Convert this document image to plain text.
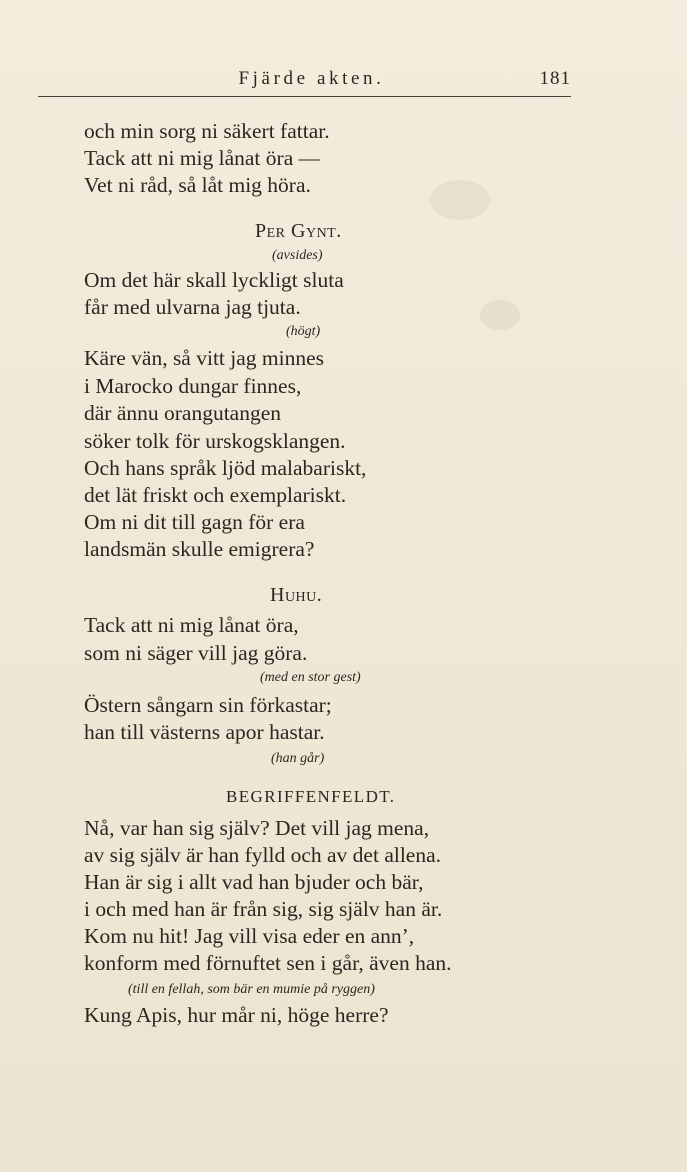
Fjärde akten.	181
och min sorg ni säkert fattar.
Tack att ni mig lånat öra —
Vet ni råd, så låt mig höra.
Per Gynt.
(avsides)
Om det här skall lyckligt sluta
får med ulvarna jag tjuta.
(högt)
Käre vän, så vitt jag minnes
i Marocko dungar finnes,
där ännu orangutangen
söker tolk för urskogsklangen.
Och hans språk ljöd malabariskt,
det lät friskt och exemplariskt.
Om ni dit till gagn för era
landsmän skulle emigrera?
Huhu.
Tack att ni mig lånat öra,
som ni säger vill jag göra.
(med en stor gest)
Östern sångarn sin förkastar;
han till västerns apor hastar.
(han går)
BEGRIFFENFELDT.
Nå, var han sig själv? Det vill jag mena,
av sig själv är han fylld och av det allena.
Han är sig i allt vad han bjuder och bär,
i och med han är från sig, sig själv han är.
Kom nu hit! Jag vill visa eder en ann’,
konform med förnuftet sen i går, även han.
(till en fellah, som bär en mumie på ryggen)
Kung Apis, hur mår ni, höge herre?
